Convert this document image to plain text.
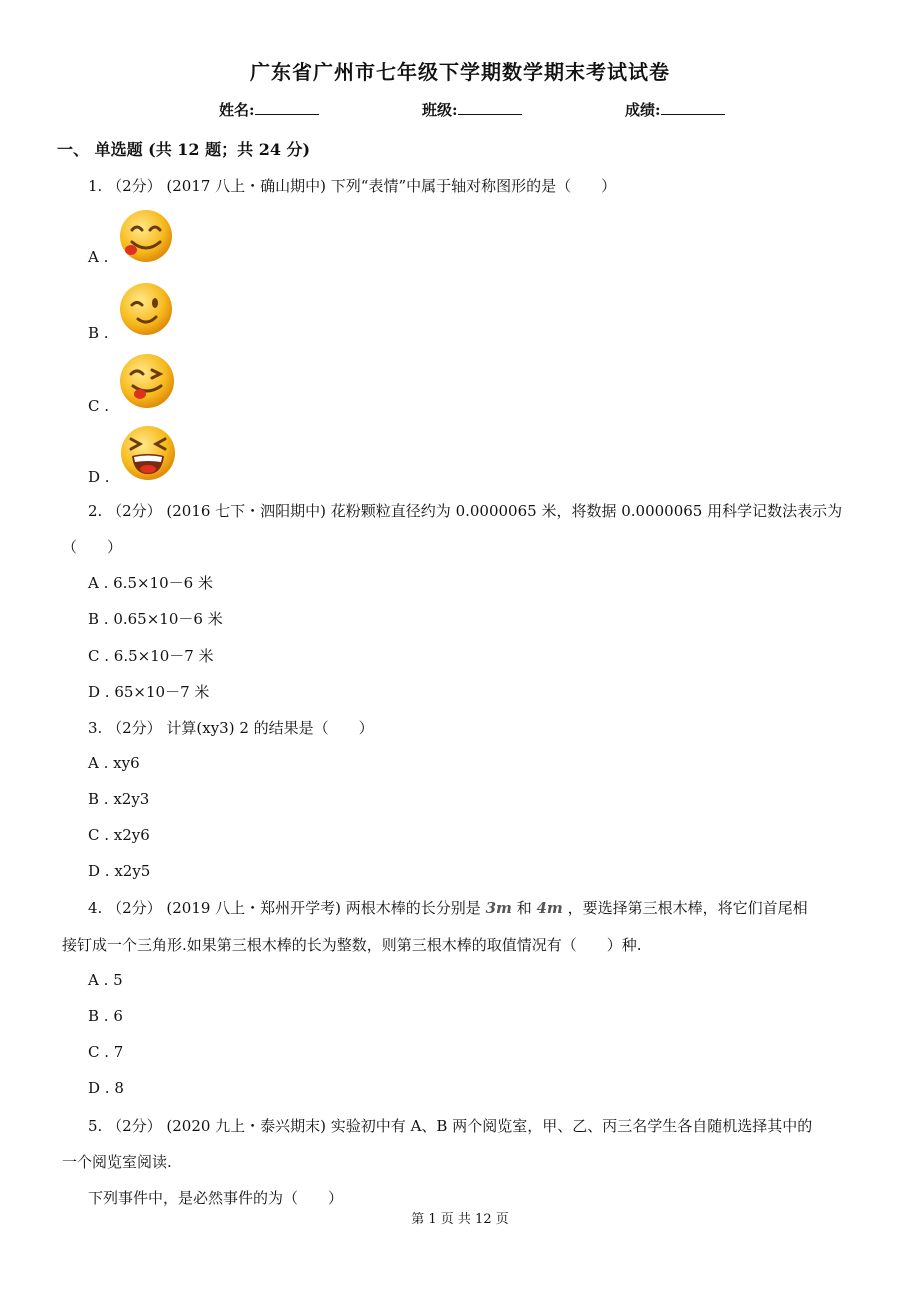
广东省广州市七年级下学期数学期末考试试卷
姓名:	班级:	成绩:
一、 单选题 (共 12 题；共 24 分)
1. （2分） (2017 八上・确山期中) 下列“表情”中属于轴对称图形的是（　　）
A .
B .
C .
D .
2. （2分） (2016 七下・泗阳期中) 花粉颗粒直径约为 0.0000065 米，将数据 0.0000065 用科学记数法表示为
（　　）
A . 6.5×10－6 米
B . 0.65×10－6 米
C . 6.5×10－7 米
D . 65×10－7 米
3. （2分） 计算(xy3) 2 的结果是（　　）
A . xy6
B . x2y3
C . x2y6
D . x2y5
4. （2分） (2019 八上・郑州开学考) 两根木棒的长分别是 3m 和 4m ，要选择第三根木棒，将它们首尾相
接钉成一个三角形.如果第三根木棒的长为整数，则第三根木棒的取值情况有（　　）种.
A . 5
B . 6
C . 7
D . 8
5. （2分） (2020 九上・泰兴期末) 实验初中有 A、B 两个阅览室，甲、乙、丙三名学生各自随机选择其中的
一个阅览室阅读.
下列事件中，是必然事件的为（　　）
第 1 页 共 12 页
